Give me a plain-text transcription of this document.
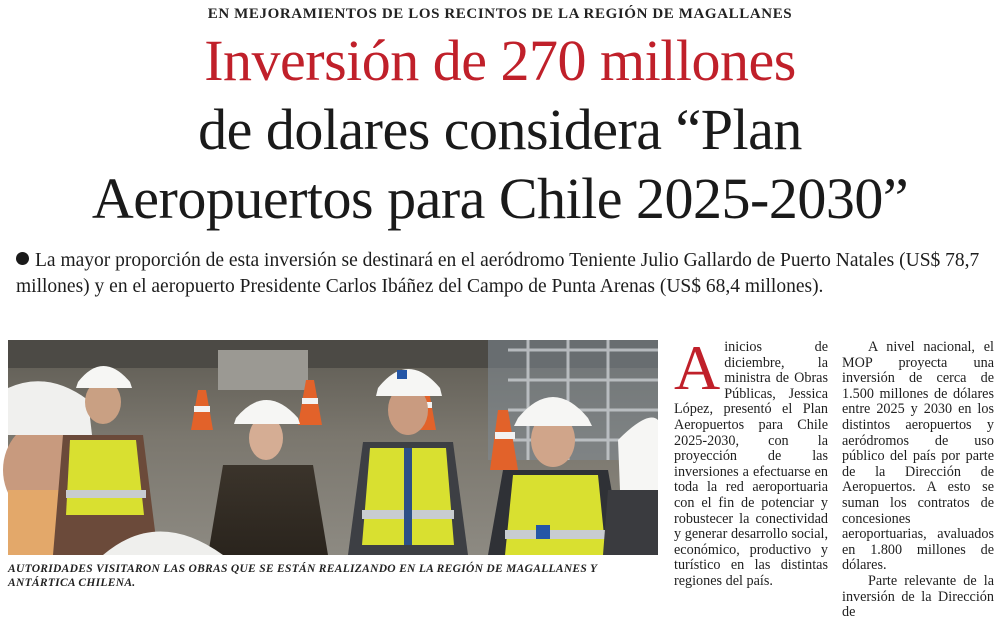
EN MEJORAMIENTOS DE LOS RECINTOS DE LA REGIÓN DE MAGALLANES
Inversión de 270 millones
de dolares considera “Plan
Aeropuertos para Chile 2025-2030”

La mayor proporción de esta inversión se destinará en el aeródromo Teniente Julio Gallardo de Puerto Natales (US$ 78,7 millones) y en el aeropuerto Presidente Carlos Ibáñez del Campo de Punta Arenas (US$ 68,4 millones).

AUTORIDADES VISITARON LAS OBRAS QUE SE ESTÁN REALIZANDO EN LA REGIÓN DE MAGALLANES Y ANTÁRTICA CHILENA.

Ainicios de diciembre, la ministra de Obras Públicas, Jessica López, presentó el Plan Aeropuertos para Chile 2025-2030, con la proyección de las inversiones a efectuarse en toda la red aeroportuaria con el fin de potenciar y robustecer la conectividad y generar desarrollo social, económico, productivo y turístico en las distintas regiones del país.

A nivel nacional, el MOP proyecta una inversión de cerca de 1.500 millones de dólares entre 2025 y 2030 en los distintos aeropuertos y aeródromos de uso público del país por parte de la Dirección de Aeropuertos. A esto se suman los contratos de concesiones aeroportuarias, avaluados en 1.800 millones de dólares.

Parte relevante de la inversión de la Dirección de
